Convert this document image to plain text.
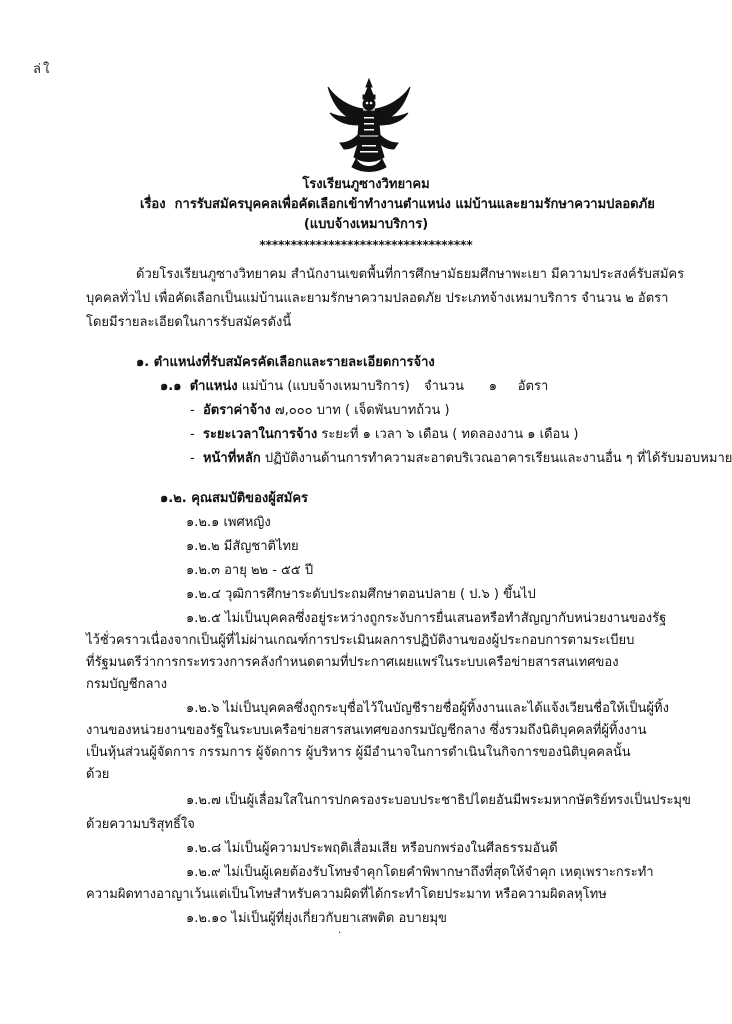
ล่ใ
โรงเรียนภูซางวิทยาคม
เรื่อง การรับสมัครบุคคลเพื่อคัดเลือกเข้าทำงานตำแหน่ง แม่บ้านและยามรักษาความปลอดภัย
(แบบจ้างเหมาบริการ)
**********************************
ด้วยโรงเรียนภูซางวิทยาคม สำนักงานเขตพื้นที่การศึกษามัธยมศึกษาพะเยา มีความประสงค์รับสมัคร
บุคคลทั่วไป เพื่อคัดเลือกเป็นแม่บ้านและยามรักษาความปลอดภัย ประเภทจ้างเหมาบริการ จำนวน ๒ อัตรา
โดยมีรายละเอียดในการรับสมัครดังนี้
๑. ตำแหน่งที่รับสมัครคัดเลือกและรายละเอียดการจ้าง
๑.๑ ตำแหน่ง แม่บ้าน (แบบจ้างเหมาบริการ) จำนวน ๑ อัตรา
-  อัตราค่าจ้าง ๗,๐๐๐ บาท ( เจ็ดพันบาทถ้วน )
-  ระยะเวลาในการจ้าง ระยะที่ ๑ เวลา ๖ เดือน ( ทดลองงาน ๑ เดือน )
-  หน้าที่หลัก ปฏิบัติงานด้านการทำความสะอาดบริเวณอาคารเรียนและงานอื่น ๆ ที่ได้รับมอบหมาย
๑.๒. คุณสมบัติของผู้สมัคร
๑.๒.๑ เพศหญิง
๑.๒.๒ มีสัญชาติไทย
๑.๒.๓ อายุ ๒๒ - ๕๕ ปี
๑.๒.๔ วุฒิการศึกษาระดับประถมศึกษาตอนปลาย ( ป.๖ ) ขึ้นไป
๑.๒.๕ ไม่เป็นบุคคลซึ่งอยู่ระหว่างถูกระงับการยื่นเสนอหรือทำสัญญากับหน่วยงานของรัฐ
ไว้ชั่วคราวเนื่องจากเป็นผู้ที่ไม่ผ่านเกณฑ์การประเมินผลการปฏิบัติงานของผู้ประกอบการตามระเบียบ
ที่รัฐมนตรีว่าการกระทรวงการคลังกำหนดตามที่ประกาศเผยแพร่ในระบบเครือข่ายสารสนเทศของ
กรมบัญชีกลาง
๑.๒.๖ ไม่เป็นบุคคลซึ่งถูกระบุชื่อไว้ในบัญชีรายชื่อผู้ทิ้งงานและได้แจ้งเวียนชื่อให้เป็นผู้ทิ้ง
งานของหน่วยงานของรัฐในระบบเครือข่ายสารสนเทศของกรมบัญชีกลาง ซึ่งรวมถึงนิติบุคคลที่ผู้ทิ้งงาน
เป็นหุ้นส่วนผู้จัดการ กรรมการ ผู้จัดการ ผู้บริหาร ผู้มีอำนาจในการดำเนินในกิจการของนิติบุคคลนั้น
ด้วย
๑.๒.๗ เป็นผู้เลื่อมใสในการปกครองระบอบประชาธิปไตยอันมีพระมหากษัตริย์ทรงเป็นประมุข
ด้วยความบริสุทธิ์ใจ
๑.๒.๘ ไม่เป็นผู้ความประพฤติเสื่อมเสีย หรือบกพร่องในศีลธรรมอันดี
๑.๒.๙ ไม่เป็นผู้เคยต้องรับโทษจำคุกโดยคำพิพากษาถึงที่สุดให้จำคุก เหตุเพราะกระทำ
ความผิดทางอาญาเว้นแต่เป็นโทษสำหรับความผิดที่ได้กระทำโดยประมาท หรือความผิดลหุโทษ
๑.๒.๑๐ ไม่เป็นผู้ที่ยุ่งเกี่ยวกับยาเสพติด อบายมุข
·
